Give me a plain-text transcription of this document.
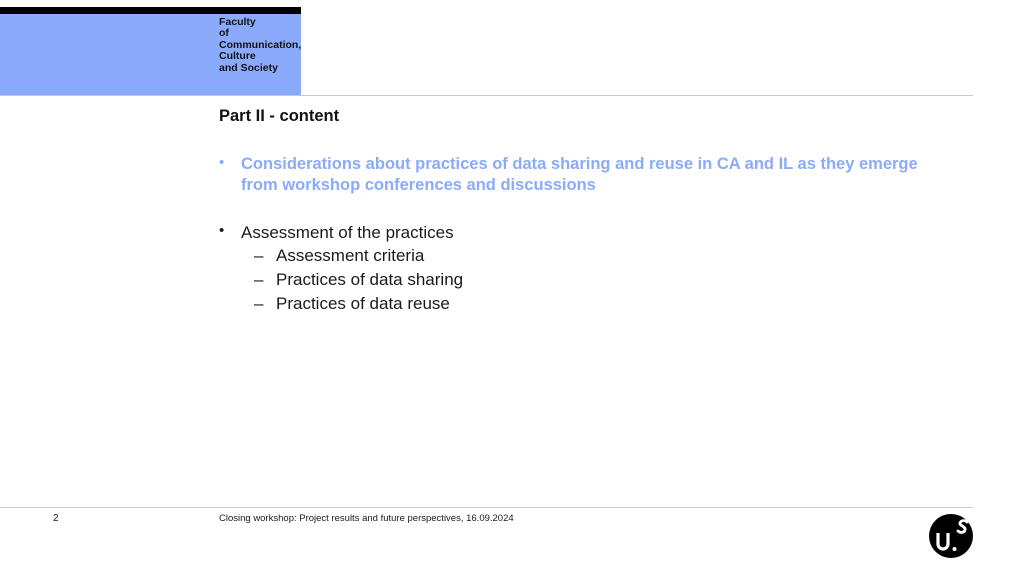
Faculty
of
Communication,
Culture
and Society
Part II - content
• Considerations about practices of data sharing and reuse in CA and IL as they emerge
from workshop conferences and discussions
• Assessment of the practices
– Assessment criteria
– Practices of data sharing
– Practices of data reuse
2	Closing workshop: Project results and future perspectives, 16.09.2024
